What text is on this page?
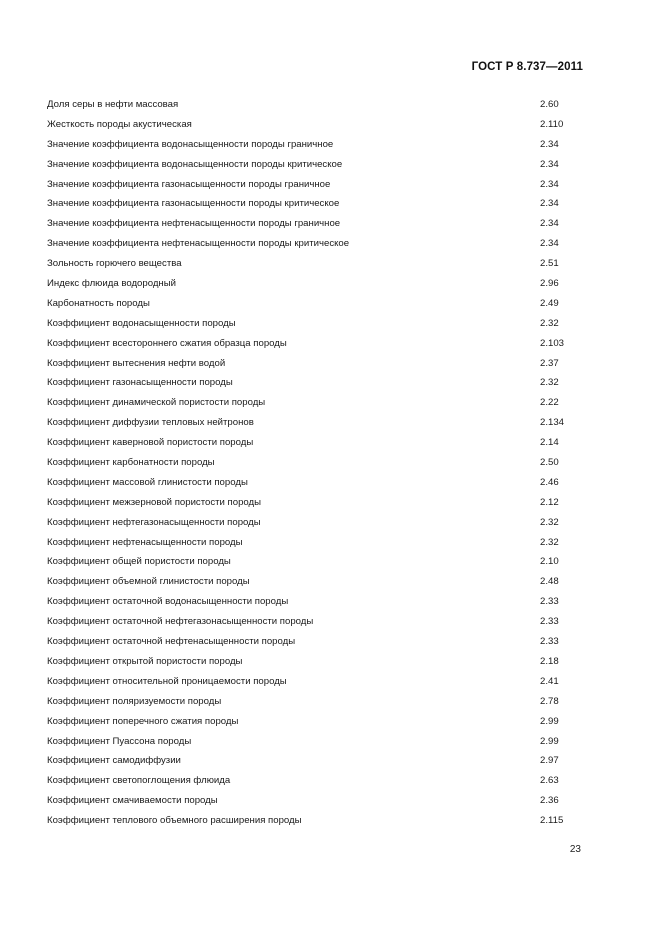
ГОСТ Р 8.737—2011
Доля серы в нефти массовая	2.60
Жесткость породы акустическая	2.110
Значение коэффициента водонасыщенности породы граничное	2.34
Значение коэффициента водонасыщенности породы критическое	2.34
Значение коэффициента газонасыщенности породы граничное	2.34
Значение коэффициента газонасыщенности породы критическое	2.34
Значение коэффициента нефтенасыщенности породы граничное	2.34
Значение коэффициента нефтенасыщенности породы критическое	2.34
Зольность горючего вещества	2.51
Индекс флюида водородный	2.96
Карбонатность породы	2.49
Коэффициент водонасыщенности породы	2.32
Коэффициент всестороннего сжатия образца породы	2.103
Коэффициент вытеснения нефти водой	2.37
Коэффициент газонасыщенности породы	2.32
Коэффициент динамической пористости породы	2.22
Коэффициент диффузии тепловых нейтронов	2.134
Коэффициент каверновой пористости породы	2.14
Коэффициент карбонатности породы	2.50
Коэффициент массовой глинистости породы	2.46
Коэффициент межзерновой пористости породы	2.12
Коэффициент нефтегазонасыщенности породы	2.32
Коэффициент нефтенасыщенности породы	2.32
Коэффициент общей пористости породы	2.10
Коэффициент объемной глинистости породы	2.48
Коэффициент остаточной водонасыщенности породы	2.33
Коэффициент остаточной нефтегазонасыщенности породы	2.33
Коэффициент остаточной нефтенасыщенности породы	2.33
Коэффициент открытой пористости породы	2.18
Коэффициент относительной проницаемости породы	2.41
Коэффициент поляризуемости породы	2.78
Коэффициент поперечного сжатия породы	2.99
Коэффициент Пуассона породы	2.99
Коэффициент самодиффузии	2.97
Коэффициент светопоглощения флюида	2.63
Коэффициент смачиваемости породы	2.36
Коэффициент теплового объемного расширения породы	2.115
23
